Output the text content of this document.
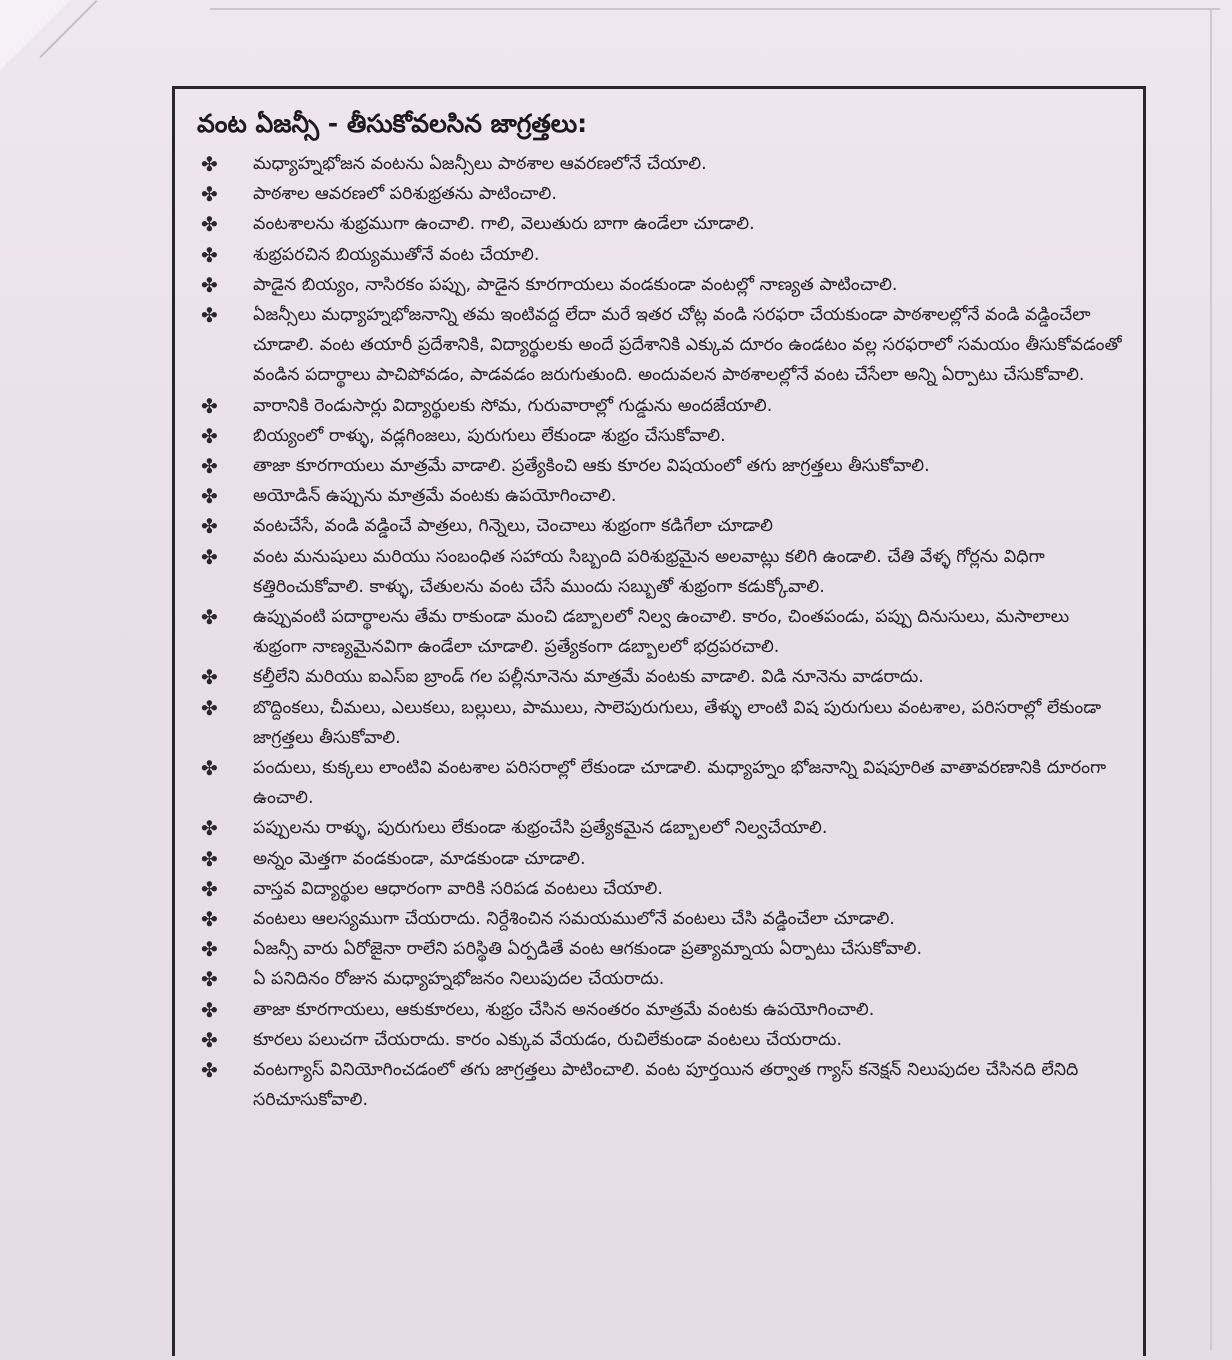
వంట ఏజన్సీ - తీసుకోవలసిన జాగ్రత్తలు:
✤ మధ్యాహ్నభోజన వంటను ఏజన్సీలు పాఠశాల ఆవరణలోనే చేయాలి.
✤ పాఠశాల ఆవరణలో పరిశుభ్రతను పాటించాలి.
✤ వంటశాలను శుభ్రముగా ఉంచాలి. గాలి, వెలుతురు బాగా ఉండేలా చూడాలి.
✤ శుభ్రపరచిన బియ్యముతోనే వంట చేయాలి.
✤ పాడైన బియ్యం, నాసిరకం పప్పు, పాడైన కూరగాయలు వండకుండా వంటల్లో నాణ్యత పాటించాలి.
✤ ఏజన్సీలు మధ్యాహ్నభోజనాన్ని తమ ఇంటివద్ద లేదా మరే ఇతర చోట్ల వండి సరఫరా చేయకుండా పాఠశాలల్లోనే వండి వడ్డించేలా చూడాలి. వంట తయారీ ప్రదేశానికి, విద్యార్థులకు అందే ప్రదేశానికి ఎక్కువ దూరం ఉండటం వల్ల సరఫరాలో సమయం తీసుకోవడంతో వండిన పదార్థాలు పాచిపోవడం, పాడవడం జరుగుతుంది. అందువలన పాఠశాలల్లోనే వంట చేసేలా అన్ని ఏర్పాటు చేసుకోవాలి.
✤ వారానికి రెండుసార్లు విద్యార్థులకు సోమ, గురువారాల్లో గుడ్డును అందజేయాలి.
✤ బియ్యంలో రాళ్ళు, వడ్లగింజలు, పురుగులు లేకుండా శుభ్రం చేసుకోవాలి.
✤ తాజా కూరగాయలు మాత్రమే వాడాలి. ప్రత్యేకించి ఆకు కూరల విషయంలో తగు జాగ్రత్తలు తీసుకోవాలి.
✤ అయోడిన్ ఉప్పును మాత్రమే వంటకు ఉపయోగించాలి.
✤ వంటచేసే, వండి వడ్డించే పాత్రలు, గిన్నెలు, చెంచాలు శుభ్రంగా కడిగేలా చూడాలి
✤ వంట మనుషులు మరియు సంబంధిత సహాయ సిబ్బంది పరిశుభ్రమైన అలవాట్లు కలిగి ఉండాలి. చేతి వేళ్ళ గోర్లను విధిగా కత్తిరించుకోవాలి. కాళ్ళు, చేతులను వంట చేసే ముందు సబ్బుతో శుభ్రంగా కడుక్కోవాలి.
✤ ఉప్పువంటి పదార్థాలను తేమ రాకుండా మంచి డబ్బాలలో నిల్వ ఉంచాలి. కారం, చింతపండు, పప్పు దినుసులు, మసాలాలు శుభ్రంగా నాణ్యమైనవిగా ఉండేలా చూడాలి. ప్రత్యేకంగా డబ్బాలలో భద్రపరచాలి.
✤ కల్తీలేని మరియు ఐఎస్ఐ బ్రాండ్ గల పల్లీనూనెను మాత్రమే వంటకు వాడాలి. విడి నూనెను వాడరాదు.
✤ బొద్దింకలు, చీమలు, ఎలుకలు, బల్లులు, పాములు, సాలెపురుగులు, తేళ్ళు లాంటి విష పురుగులు వంటశాల, పరిసరాల్లో లేకుండా జాగ్రత్తలు తీసుకోవాలి.
✤ పందులు, కుక్కలు లాంటివి వంటశాల పరిసరాల్లో లేకుండా చూడాలి. మధ్యాహ్నం భోజనాన్ని విషపూరిత వాతావరణానికి దూరంగా ఉంచాలి.
✤ పప్పులను రాళ్ళు, పురుగులు లేకుండా శుభ్రంచేసి ప్రత్యేకమైన డబ్బాలలో నిల్వచేయాలి.
✤ అన్నం మెత్తగా వండకుండా, మాడకుండా చూడాలి.
✤ వాస్తవ విద్యార్థుల ఆధారంగా వారికి సరిపడ వంటలు చేయాలి.
✤ వంటలు ఆలస్యముగా చేయరాదు. నిర్దేశించిన సమయములోనే వంటలు చేసి వడ్డించేలా చూడాలి.
✤ ఏజన్సీ వారు ఏరోజైనా రాలేని పరిస్థితి ఏర్పడితే వంట ఆగకుండా ప్రత్యామ్నాయ ఏర్పాటు చేసుకోవాలి.
✤ ఏ పనిదినం రోజున మధ్యాహ్నభోజనం నిలుపుదల చేయరాదు.
✤ తాజా కూరగాయలు, ఆకుకూరలు, శుభ్రం చేసిన అనంతరం మాత్రమే వంటకు ఉపయోగించాలి.
✤ కూరలు పలుచగా చేయరాదు. కారం ఎక్కువ వేయడం, రుచిలేకుండా వంటలు చేయరాదు.
✤ వంటగ్యాస్ వినియోగించడంలో తగు జాగ్రత్తలు పాటించాలి. వంట పూర్తయిన తర్వాత గ్యాస్ కనెక్షన్ నిలుపుదల చేసినది లేనిది సరిచూసుకోవాలి.
